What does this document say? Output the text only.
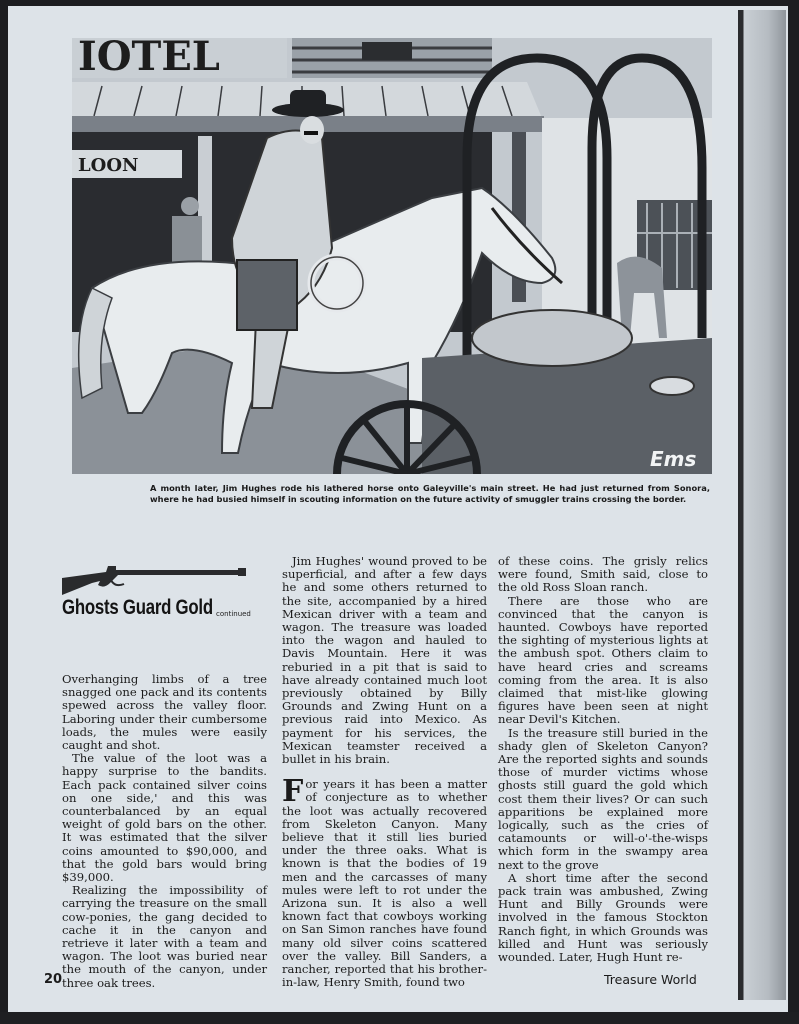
IOTEL
LOON
Ems

A month later, Jim Hughes rode his lathered horse onto Galeyville's main street. He had just returned from Sonora, where he had busied himself in scouting information on the future activity of smuggler trains crossing the border.

Ghosts Guard Gold continued

Overhanging limbs of a tree snagged one pack and its contents spewed across the valley floor. Laboring under their cumbersome loads, the mules were easily caught and shot.

The value of the loot was a happy surprise to the bandits. Each pack contained silver coins on one side,' and this was counterbalanced by an equal weight of gold bars on the other. It was estimated that the silver coins amounted to $90,000, and that the gold bars would bring $39,000.

Realizing the impossibility of carrying the treasure on the small cow-ponies, the gang decided to cache it in the canyon and retrieve it later with a team and wagon. The loot was buried near the mouth of the canyon, under three oak trees.

Jim Hughes' wound proved to be superficial, and after a few days he and some others returned to the site, accompanied by a hired Mexican driver with a team and wagon. The treasure was loaded into the wagon and hauled to Davis Mountain. Here it was reburied in a pit that is said to have already contained much loot previously obtained by Billy Grounds and Zwing Hunt on a previous raid into Mexico. As payment for his services, the Mexican teamster received a bullet in his brain.

For years it has been a matter of conjecture as to whether the loot was actually recovered from Skeleton Canyon. Many believe that it still lies buried under the three oaks. What is known is that the bodies of 19 men and the carcasses of many mules were left to rot under the Arizona sun. It is also a well known fact that cowboys working on San Simon ranches have found many old silver coins scattered over the valley. Bill Sanders, a rancher, reported that his brother-in-law, Henry Smith, found two

of these coins. The grisly relics were found, Smith said, close to the old Ross Sloan ranch.

There are those who are convinced that the canyon is haunted. Cowboys have reported the sighting of mysterious lights at the ambush spot. Others claim to have heard cries and screams coming from the area. It is also claimed that mist-like glowing figures have been seen at night near Devil's Kitchen.

Is the treasure still buried in the shady glen of Skeleton Canyon? Are the reported sights and sounds those of murder victims whose ghosts still guard the gold which cost them their lives? Or can such apparitions be explained more logically, such as the cries of catamounts or will-o'-the-wisps which form in the swampy area next to the grove

A short time after the second pack train was ambushed, Zwing Hunt and Billy Grounds were involved in the famous Stockton Ranch fight, in which Grounds was killed and Hunt was seriously wounded. Later, Hugh Hunt re-

20	Treasure World
